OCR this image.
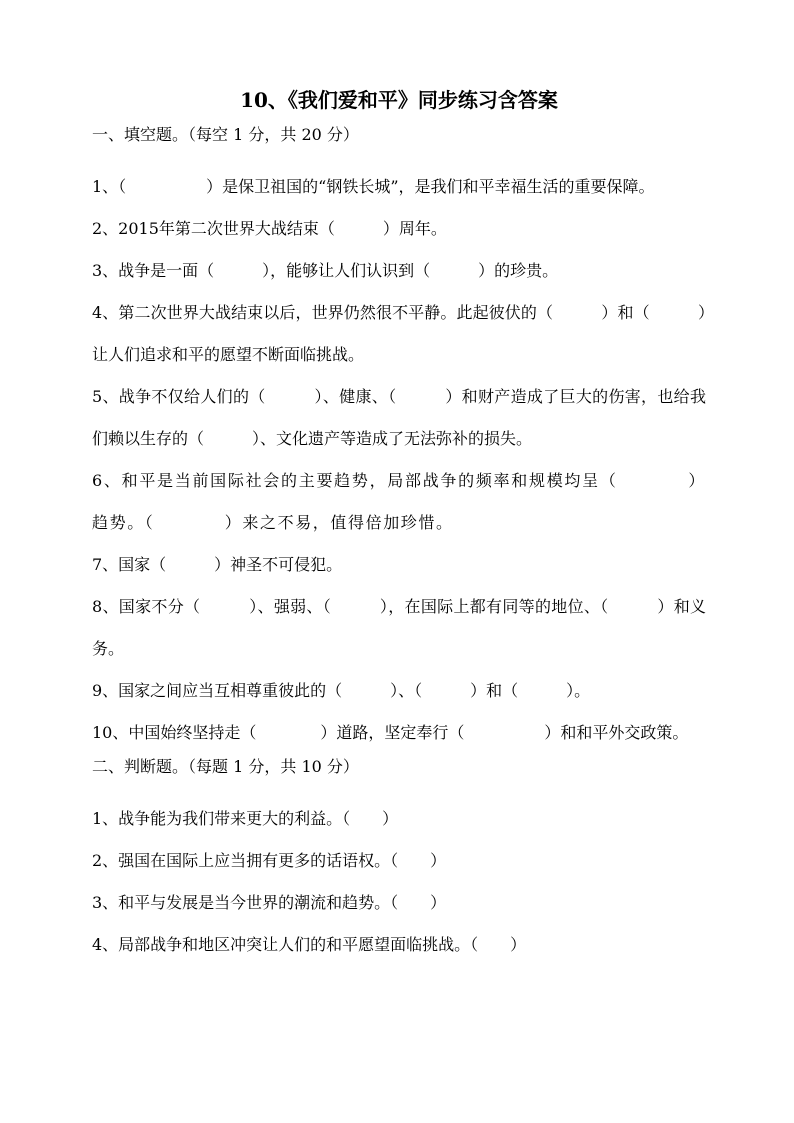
10、《我们爱和平》同步练习含答案
一、填空题。（每空 1 分，共 20 分）

1、（　　　　　）是保卫祖国的“钢铁长城”，是我们和平幸福生活的重要保障。

2、2015年第二次世界大战结束（　　　）周年。

3、战争是一面（　　　），能够让人们认识到（　　　）的珍贵。

4、第二次世界大战结束以后，世界仍然很不平静。此起彼伏的（　　　）和（　　　）让人们追求和平的愿望不断面临挑战。

5、战争不仅给人们的（　　　）、健康、（　　　）和财产造成了巨大的伤害，也给我们赖以生存的（　　　）、文化遗产等造成了无法弥补的损失。

6、和平是当前国际社会的主要趋势，局部战争的频率和规模均呈（　　　　）趋势。（　　　　）来之不易，值得倍加珍惜。

7、国家（　　　）神圣不可侵犯。

8、国家不分（　　　）、强弱、（　　　），在国际上都有同等的地位、（　　　）和义务。

9、国家之间应当互相尊重彼此的（　　　）、（　　　）和（　　　）。

10、中国始终坚持走（　　　　）道路，坚定奉行（　　　　　）和和平外交政策。

二、判断题。（每题 1 分，共 10 分）

1、战争能为我们带来更大的利益。（　　）

2、强国在国际上应当拥有更多的话语权。（　　）

3、和平与发展是当今世界的潮流和趋势。（　　）

4、局部战争和地区冲突让人们的和平愿望面临挑战。（　　）
